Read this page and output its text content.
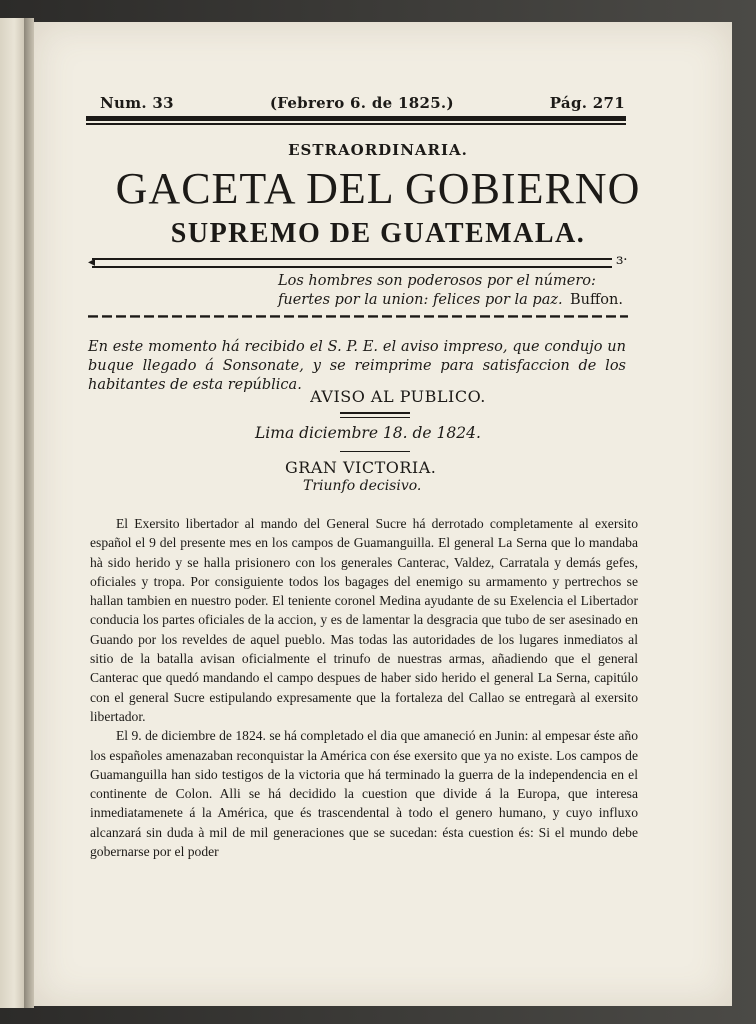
Num. 33	(Febrero 6. de 1825.)	Pág. 271
ESTRAORDINARIA.
GACETA DEL GOBIERNO
SUPREMO DE GUATEMALA.
◂	ɜ·
Los hombres son poderosos por el número:
fuertes por la union: felices por la paz. Buffon.
En este momento há recibido el S. P. E. el aviso impreso, que condujo un buque llegado á Sonsonate, y se reimprime para satisfaccion de los habitantes de esta república.
AVISO AL PUBLICO.
Lima diciembre 18. de 1824.
GRAN VICTORIA.
Triunfo decisivo.

El Exersito libertador al mando del General Sucre há derrotado completamente al exersito español el 9 del presente mes en los campos de Guamanguilla. El general La Serna que lo mandaba hà sido herido y se halla prisionero con los generales Canterac, Valdez, Carratala y demás gefes, oficiales y tropa. Por consiguiente todos los bagages del enemigo su armamento y pertrechos se hallan tambien en nuestro poder. El teniente coronel Medina ayudante de su Exelencia el Libertador conducia los partes oficiales de la accion, y es de lamentar la desgracia que tubo de ser asesinado en Guando por los reveldes de aquel pueblo. Mas todas las autoridades de los lugares inmediatos al sitio de la batalla avisan oficialmente el trinufo de nuestras armas, añadiendo que el general Canterac que quedó mandando el campo despues de haber sido herido el general La Serna, capitúlo con el general Sucre estipulando expresamente que la fortaleza del Callao se entregarà al exersito libertador.

El 9. de diciembre de 1824. se há completado el dia que amaneció en Junin: al empesar éste año los españoles amenazaban reconquistar la América con ése exersito que ya no existe. Los campos de Guamanguilla han sido testigos de la victoria que há terminado la guerra de la independencia en el continente de Colon. Alli se há decidido la cuestion que divide á la Europa, que interesa inmediatamenete á la América, que és trascendental à todo el genero humano, y cuyo influxo alcanzará sin duda à mil de mil generaciones que se sucedan: ésta cuestion és: Si el mundo debe gobernarse por el poder
